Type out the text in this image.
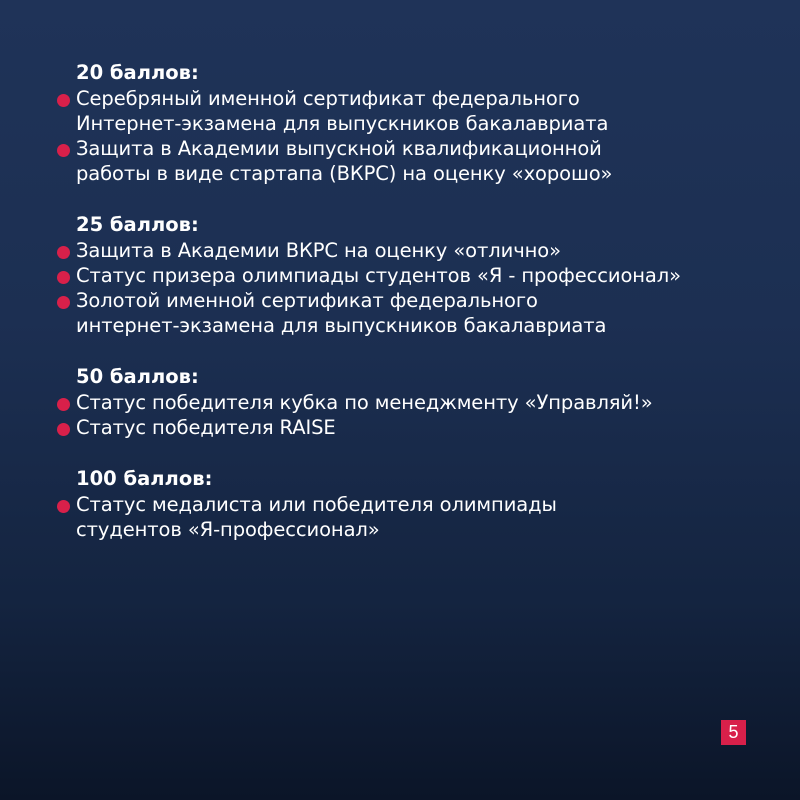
20 баллов:
Серебряный именной сертификат федерального
Интернет-экзамена для выпускников бакалавриата
Защита в Академии выпускной квалификационной
работы в виде стартапа (ВКРС) на оценку «хорошо»
25 баллов:
Защита в Академии ВКРС на оценку «отлично»
Статус призера олимпиады студентов «Я - профессионал»
Золотой именной сертификат федерального
интернет-экзамена для выпускников бакалавриата
50 баллов:
Статус победителя кубка по менеджменту «Управляй!»
Статус победителя RAISE
100 баллов:
Статус медалиста или победителя олимпиады
студентов «Я-профессионал»
5
